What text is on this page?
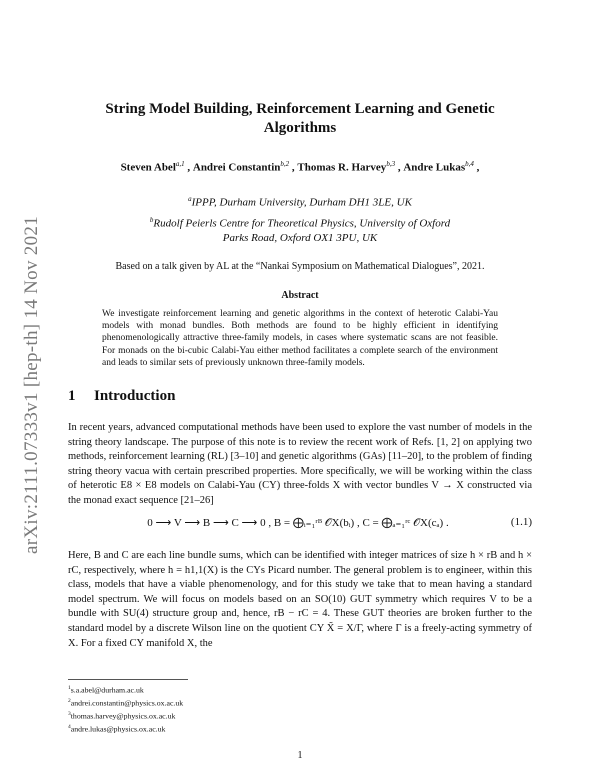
arXiv:2111.07333v1 [hep-th] 14 Nov 2021
String Model Building, Reinforcement Learning and Genetic
Algorithms
Steven Abel$^{a,1}$ , Andrei Constantin$^{b,2}$ , Thomas R. Harvey$^{b,3}$ , Andre Lukas$^{b,4}$ ,
$^a$IPPP, Durham University, Durham DH1 3LE, UK
$^b$Rudolf Peierls Centre for Theoretical Physics, University of Oxford
Parks Road, Oxford OX1 3PU, UK
Based on a talk given by AL at the “Nankai Symposium on Mathematical Dialogues”, 2021.
Abstract
We investigate reinforcement learning and genetic algorithms in the context of heterotic Calabi-Yau models with monad bundles. Both methods are found to be highly efficient in identifying phenomenologically attractive three-family models, in cases where systematic scans are not feasible. For monads on the bi-cubic Calabi-Yau either method facilitates a complete search of the environment and leads to similar sets of previously unknown three-family models.
1 Introduction
In recent years, advanced computational methods have been used to explore the vast number of models in the string theory landscape. The purpose of this note is to review the recent work of Refs. [1, 2] on applying two methods, reinforcement learning (RL) [3–10] and genetic algorithms (GAs) [11–20], to the problem of finding string theory vacua with certain prescribed properties. More specifically, we will be working within the class of heterotic E8 × E8 models on Calabi-Yau (CY) three-folds X with vector bundles V → X constructed via the monad exact sequence [21–26]
0 ⟶ V ⟶ B ⟶ C ⟶ 0 , B = ⨁ᵢ₌₁ʳᴮ 𝒪X(bᵢ) , C = ⨁ₐ₌₁ʳᶜ 𝒪X(cₐ) .	(1.1)
Here, B and C are each line bundle sums, which can be identified with integer matrices of size h × rB and h × rC, respectively, where h = h1,1(X) is the CYs Picard number. The general problem is to engineer, within this class, models that have a viable phenomenology, and for this study we take that to mean having a standard model spectrum. We will focus on models based on an SO(10) GUT symmetry which requires V to be a bundle with SU(4) structure group and, hence, rB − rC = 4. These GUT theories are broken further to the standard model by a discrete Wilson line on the quotient CY X̃ = X/Γ, where Γ is a freely-acting symmetry of X. For a fixed CY manifold X, the
$^1$s.a.abel@durham.ac.uk
$^2$andrei.constantin@physics.ox.ac.uk
$^3$thomas.harvey@physics.ox.ac.uk
$^4$andre.lukas@physics.ox.ac.uk
1
